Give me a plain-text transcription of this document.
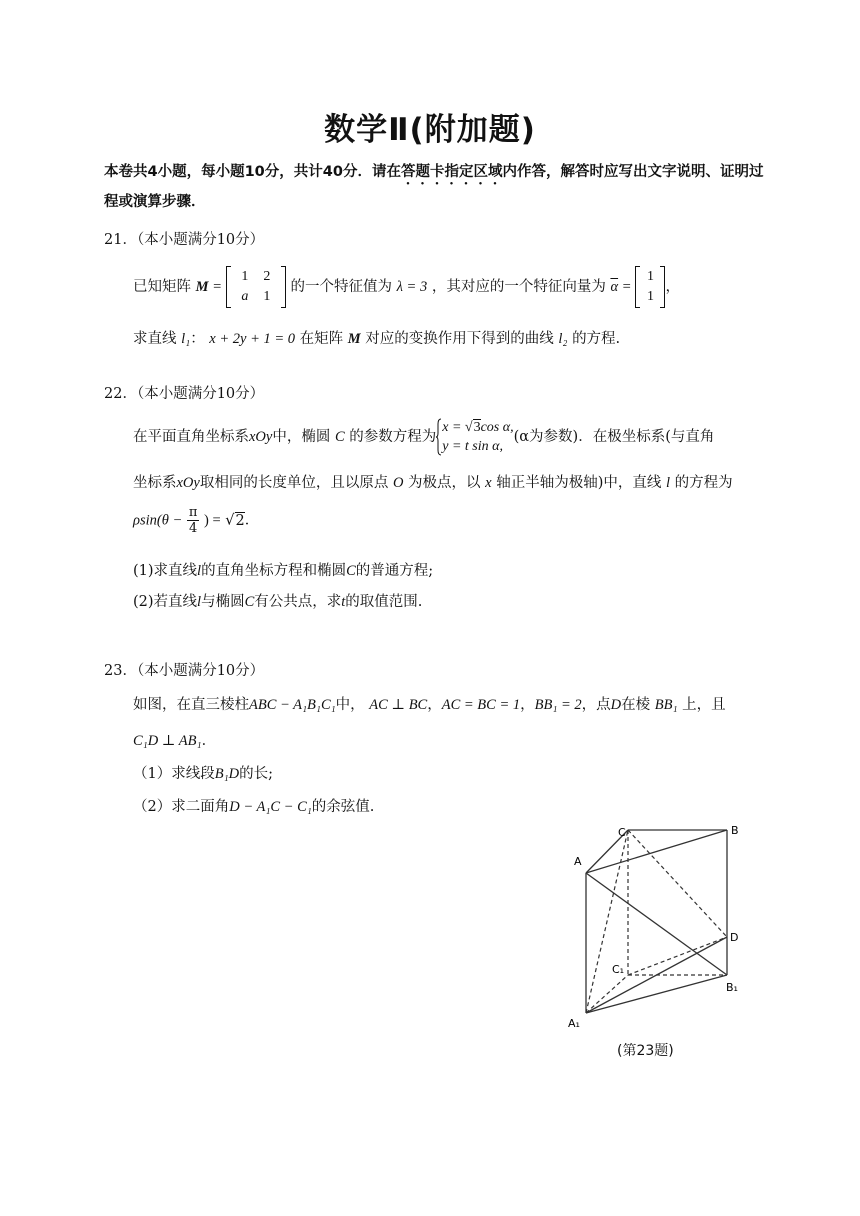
数学Ⅱ(附加题)
本卷共4小题，每小题10分，共计40分．请在答题卡指定区域内作答，解答时应写出文字说明、证明过程或演算步骤．
21．（本小题满分10分）
已知矩阵 M =
1	2
a	1
的一个特征值为 λ = 3 ，其对应的一个特征向量为 $\overline{\alpha}$ =
1
1
，
求直线 l₁： x + 2y + 1 = 0 在矩阵 M 对应的变换作用下得到的曲线 l₂ 的方程.
22．（本小题满分10分）
在平面直角坐标系xOy中，椭圆 C 的参数方程为
x = √3cos α,
y = t sin α,
(α为参数)．在极坐标系(与直角
坐标系xOy取相同的长度单位，且以原点 O 为极点，以 x 轴正半轴为极轴)中，直线 l 的方程为
$\rho\sin(\theta - \frac{\pi}{4}$ ) = √2．
(1)求直线l的直角坐标方程和椭圆C的普通方程;
(2)若直线l与椭圆C有公共点，求t的取值范围.
23．（本小题满分10分）
如图，在直三棱柱ABC − A₁B₁C₁中， AC ⊥ BC，AC = BC = 1，BB₁ = 2，点D在棱 BB₁ 上，且
C₁D ⊥ AB₁．
（1）求线段B₁D的长;
（2）求二面角D − A₁C − C₁的余弦值.
C	B
A
D
C₁
B₁
A₁
(第23题)
